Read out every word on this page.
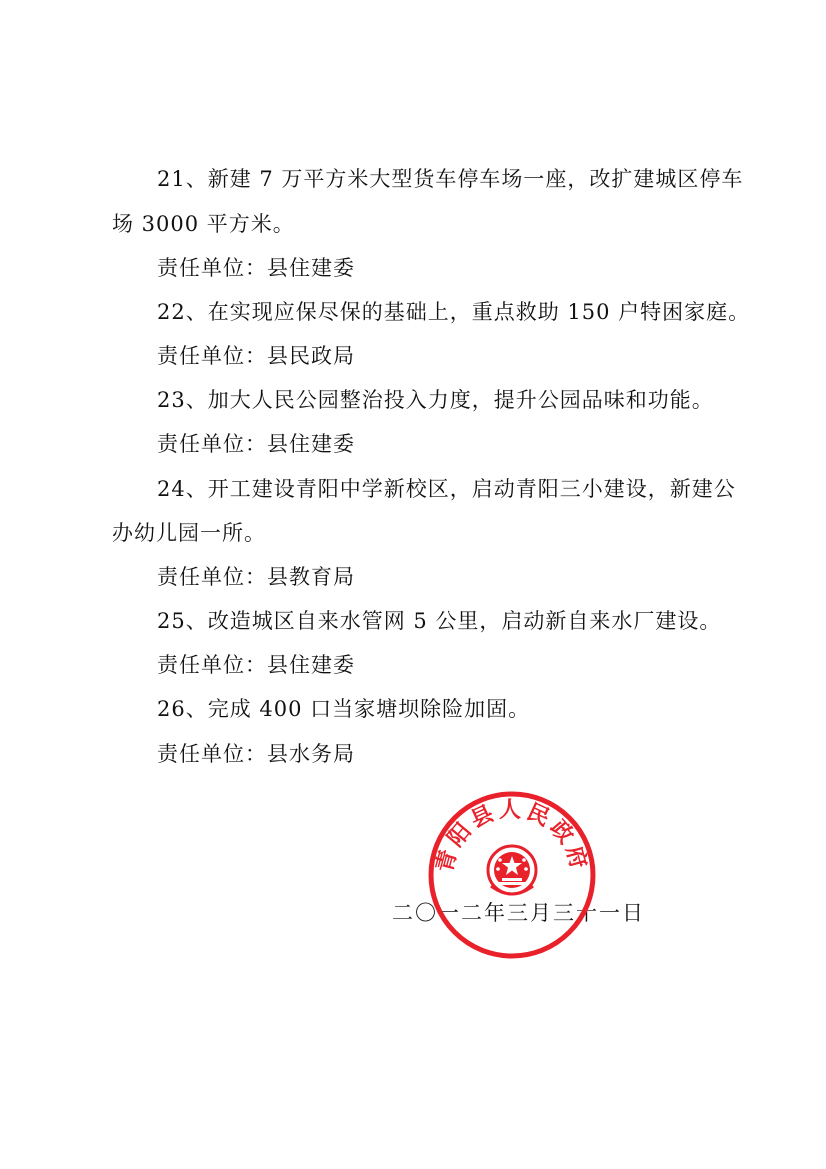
21、新建 7 万平方米大型货车停车场一座，改扩建城区停车
场 3000 平方米。
责任单位：县住建委
22、在实现应保尽保的基础上，重点救助 150 户特困家庭。
责任单位：县民政局
23、加大人民公园整治投入力度，提升公园品味和功能。
责任单位：县住建委
24、开工建设青阳中学新校区，启动青阳三小建设，新建公
办幼儿园一所。
责任单位：县教育局
25、改造城区自来水管网 5 公里，启动新自来水厂建设。
责任单位：县住建委
26、完成 400 口当家塘坝除险加固。
责任单位：县水务局
二〇一二年三月三十一日
青阳县人民政府
